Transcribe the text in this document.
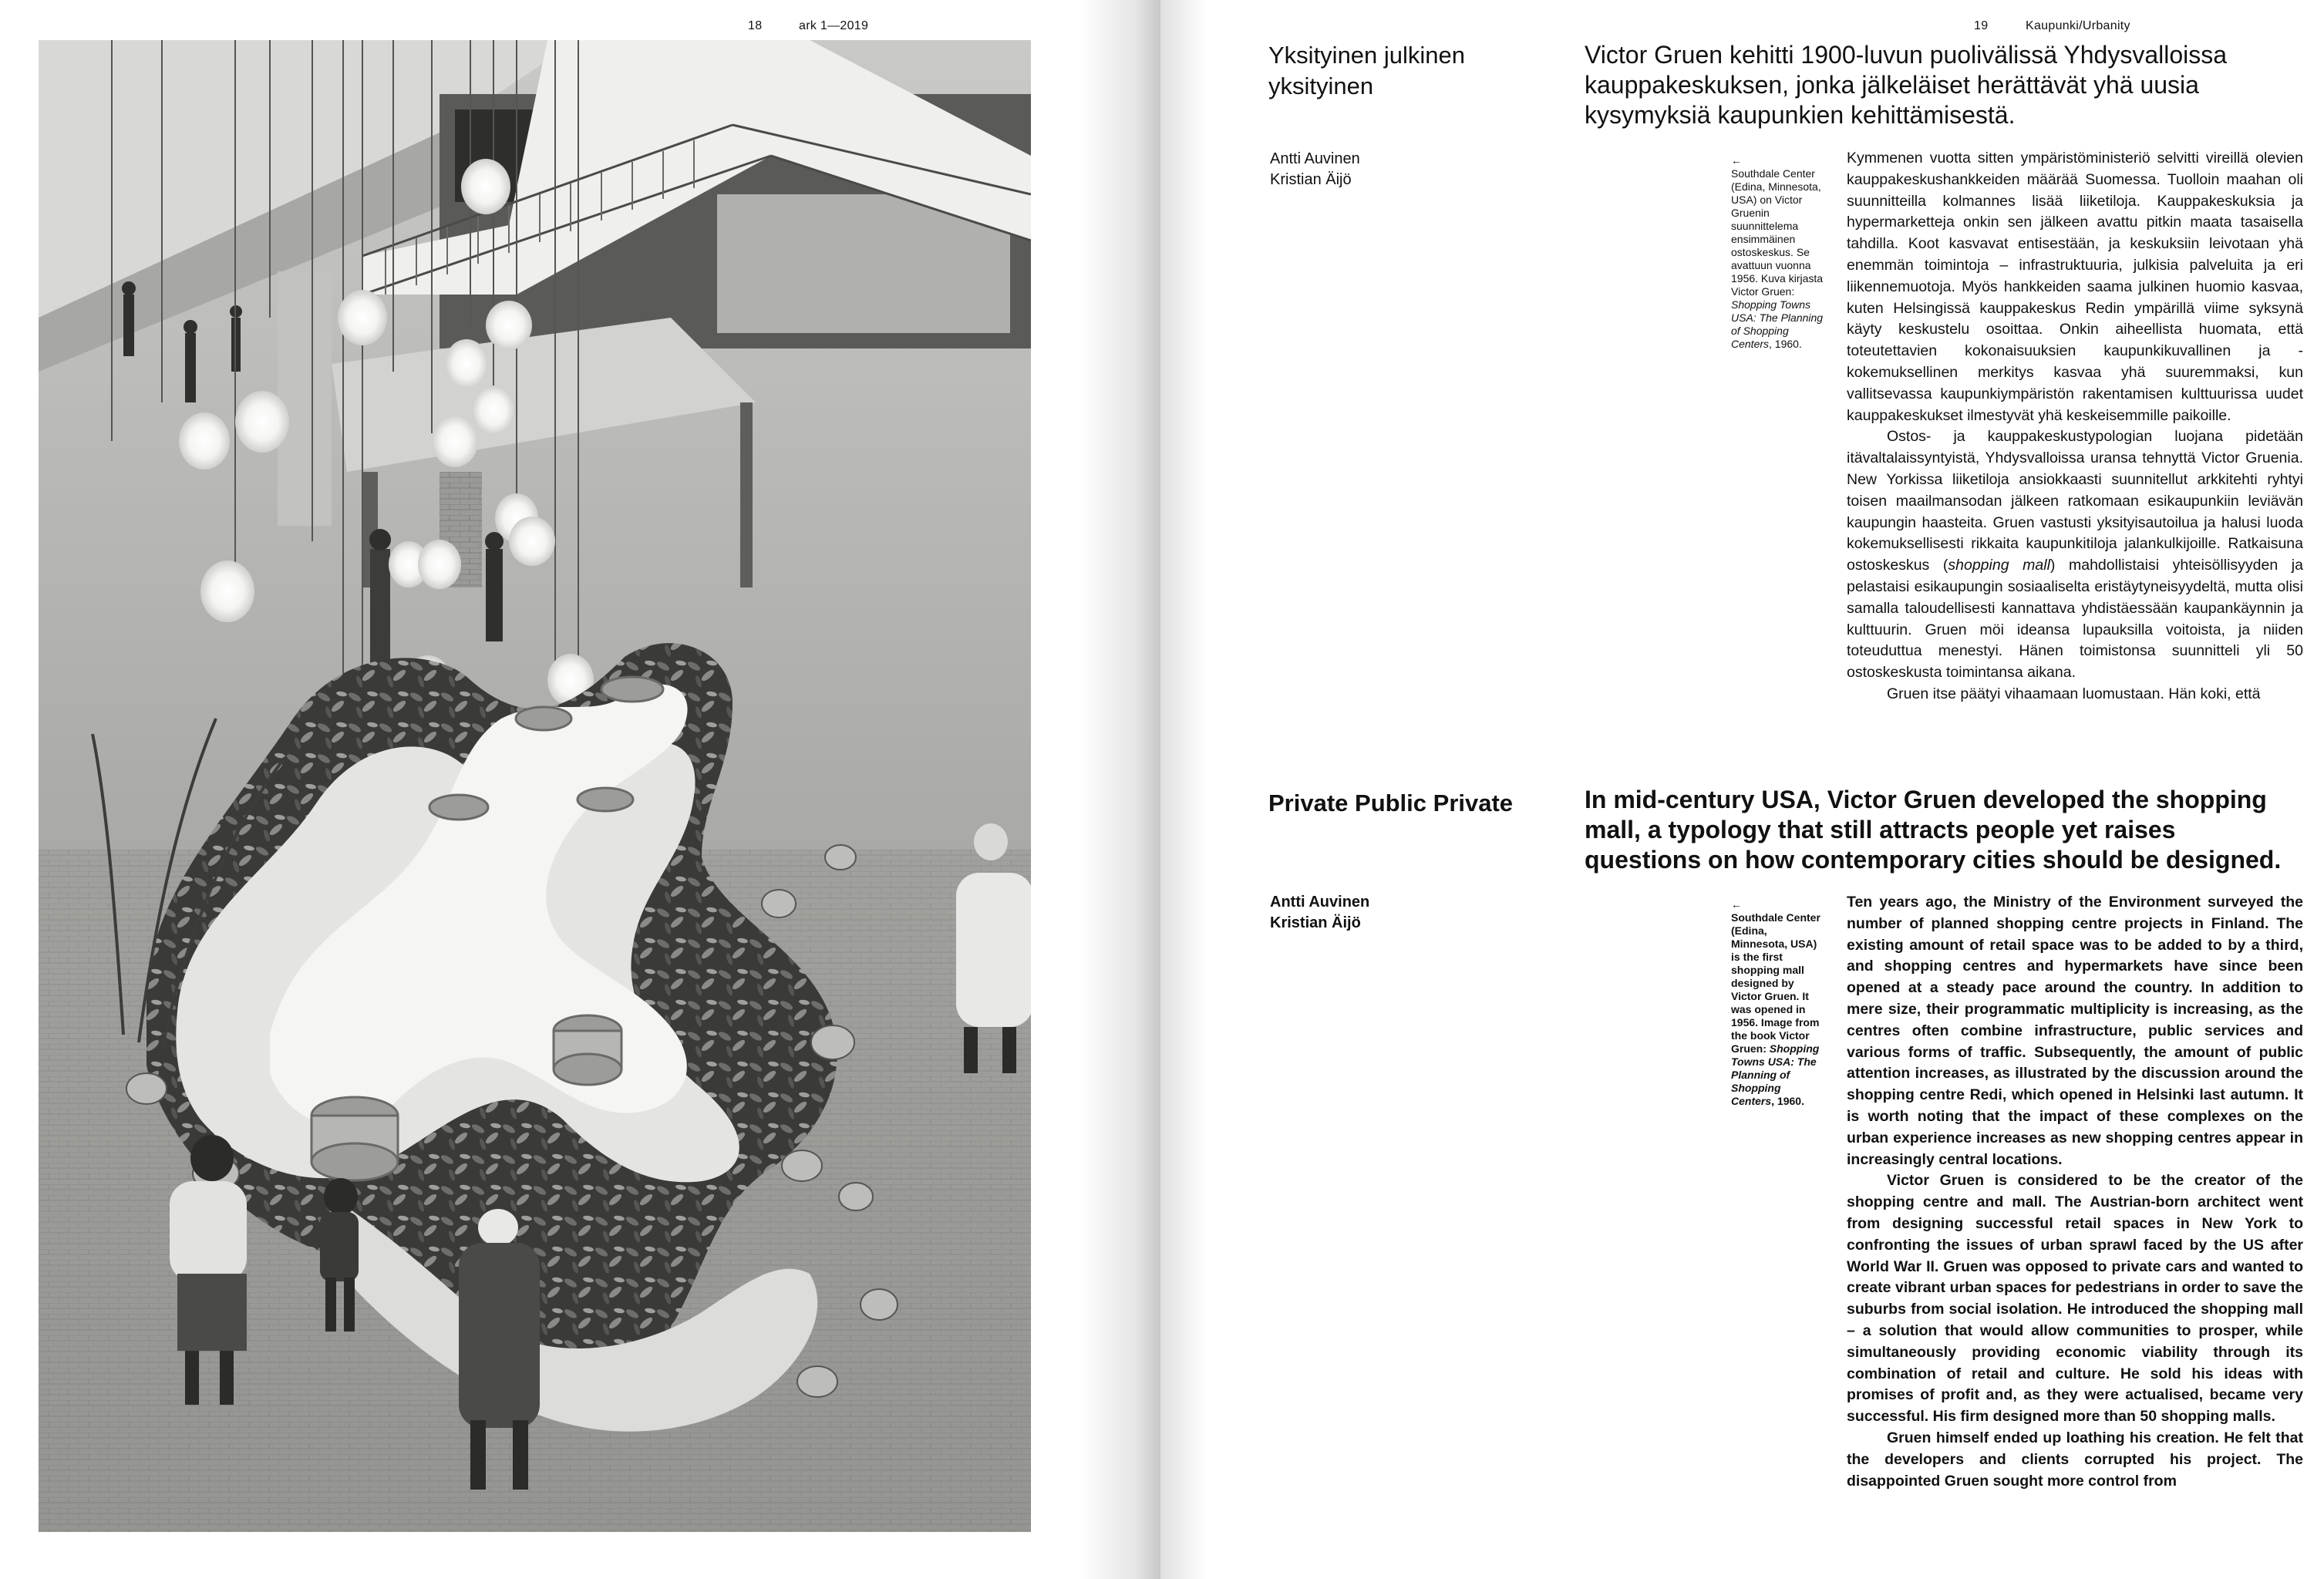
18	ark 1—2019	19	Kaupunki/Urbanity
Yksityinen julkinen yksityinen
Victor Gruen kehitti 1900-luvun puolivälissä Yhdysvalloissa kauppakeskuksen, jonka jälkeläiset herättävät yhä uusia kysymyksiä kaupunkien kehittämisestä.
Antti Auvinen
Kristian Äijö
←
Southdale Center (Edina, Minnesota, USA) on Victor Gruenin suunnittelema ensimmäinen ostoskeskus. Se avattuun vuonna 1956. Kuva kirjasta Victor Gruen: Shopping Towns USA: The Planning of Shopping Centers, 1960.

Kymmenen vuotta sitten ympäristöministeriö selvitti vireillä olevien kauppakeskushankkeiden määrää Suomessa. Tuolloin maahan oli suunnitteilla kolmannes lisää liiketiloja. Kauppakeskuksia ja hypermarketteja onkin sen jälkeen avattu pitkin maata tasaisella tahdilla. Koot kasvavat entisestään, ja keskuksiin leivotaan yhä enemmän toimintoja – infrastruktuuria, julkisia palveluita ja eri liikennemuotoja. Myös hankkeiden saama julkinen huomio kasvaa, kuten Helsingissä kauppakeskus Redin ympärillä viime syksynä käyty keskustelu osoittaa. Onkin aiheellista huomata, että toteutettavien kokonaisuuksien kaupunkikuvallinen ja -kokemuksellinen merkitys kasvaa yhä suuremmaksi, kun vallitsevassa kaupunkiympäristön rakentamisen kulttuurissa uudet kauppakeskukset ilmestyvät yhä keskeisemmille paikoille.

Ostos- ja kauppakeskustypologian luojana pidetään itävaltalaissyntyistä, Yhdysvalloissa uransa tehnyttä Victor Gruenia. New Yorkissa liiketiloja ansiokkaasti suunnitellut arkkitehti ryhtyi toisen maailmansodan jälkeen ratkomaan esikaupunkiin leviävän kaupungin haasteita. Gruen vastusti yksityisautoilua ja halusi luoda kokemuksellisesti rikkaita kaupunkitiloja jalankulkijoille. Ratkaisuna ostoskeskus (shopping mall) mahdollistaisi yhteisöllisyyden ja pelastaisi esikaupungin sosiaaliselta eristäytyneisyydeltä, mutta olisi samalla taloudellisesti kannattava yhdistäessään kaupankäynnin ja kulttuurin. Gruen möi ideansa lupauksilla voitoista, ja niiden toteuduttua menestyi. Hänen toimistonsa suunnitteli yli 50 ostoskeskusta toimintansa aikana.

Gruen itse päätyi vihaamaan luomustaan. Hän koki, että

Private Public Private	In mid-century USA, Victor Gruen developed the shopping mall, a typology that still attracts people yet raises questions on how contemporary cities should be designed.
Antti Auvinen
Kristian Äijö
←
Southdale Center (Edina, Minnesota, USA) is the first shopping mall designed by Victor Gruen. It was opened in 1956. Image from the book Victor Gruen: Shopping Towns USA: The Planning of Shopping Centers, 1960.

Ten years ago, the Ministry of the Environment surveyed the number of planned shopping centre projects in Finland. The existing amount of retail space was to be added to by a third, and shopping centres and hypermarkets have since been opened at a steady pace around the country. In addition to mere size, their programmatic multiplicity is increasing, as the centres often combine infrastructure, public services and various forms of traffic. Subsequently, the amount of public attention increases, as illustrated by the discussion around the shopping centre Redi, which opened in Helsinki last autumn. It is worth noting that the impact of these complexes on the urban experience increases as new shopping centres appear in increasingly central locations.

Victor Gruen is considered to be the creator of the shopping centre and mall. The Austrian-born architect went from designing successful retail spaces in New York to confronting the issues of urban sprawl faced by the US after World War II. Gruen was opposed to private cars and wanted to create vibrant urban spaces for pedestrians in order to save the suburbs from social isolation. He introduced the shopping mall – a solution that would allow communities to prosper, while simultaneously providing economic viability through its combination of retail and culture. He sold his ideas with promises of profit and, as they were actualised, became very successful. His firm designed more than 50 shopping malls.

Gruen himself ended up loathing his creation. He felt that the developers and clients corrupted his project. The disappointed Gruen sought more control from
